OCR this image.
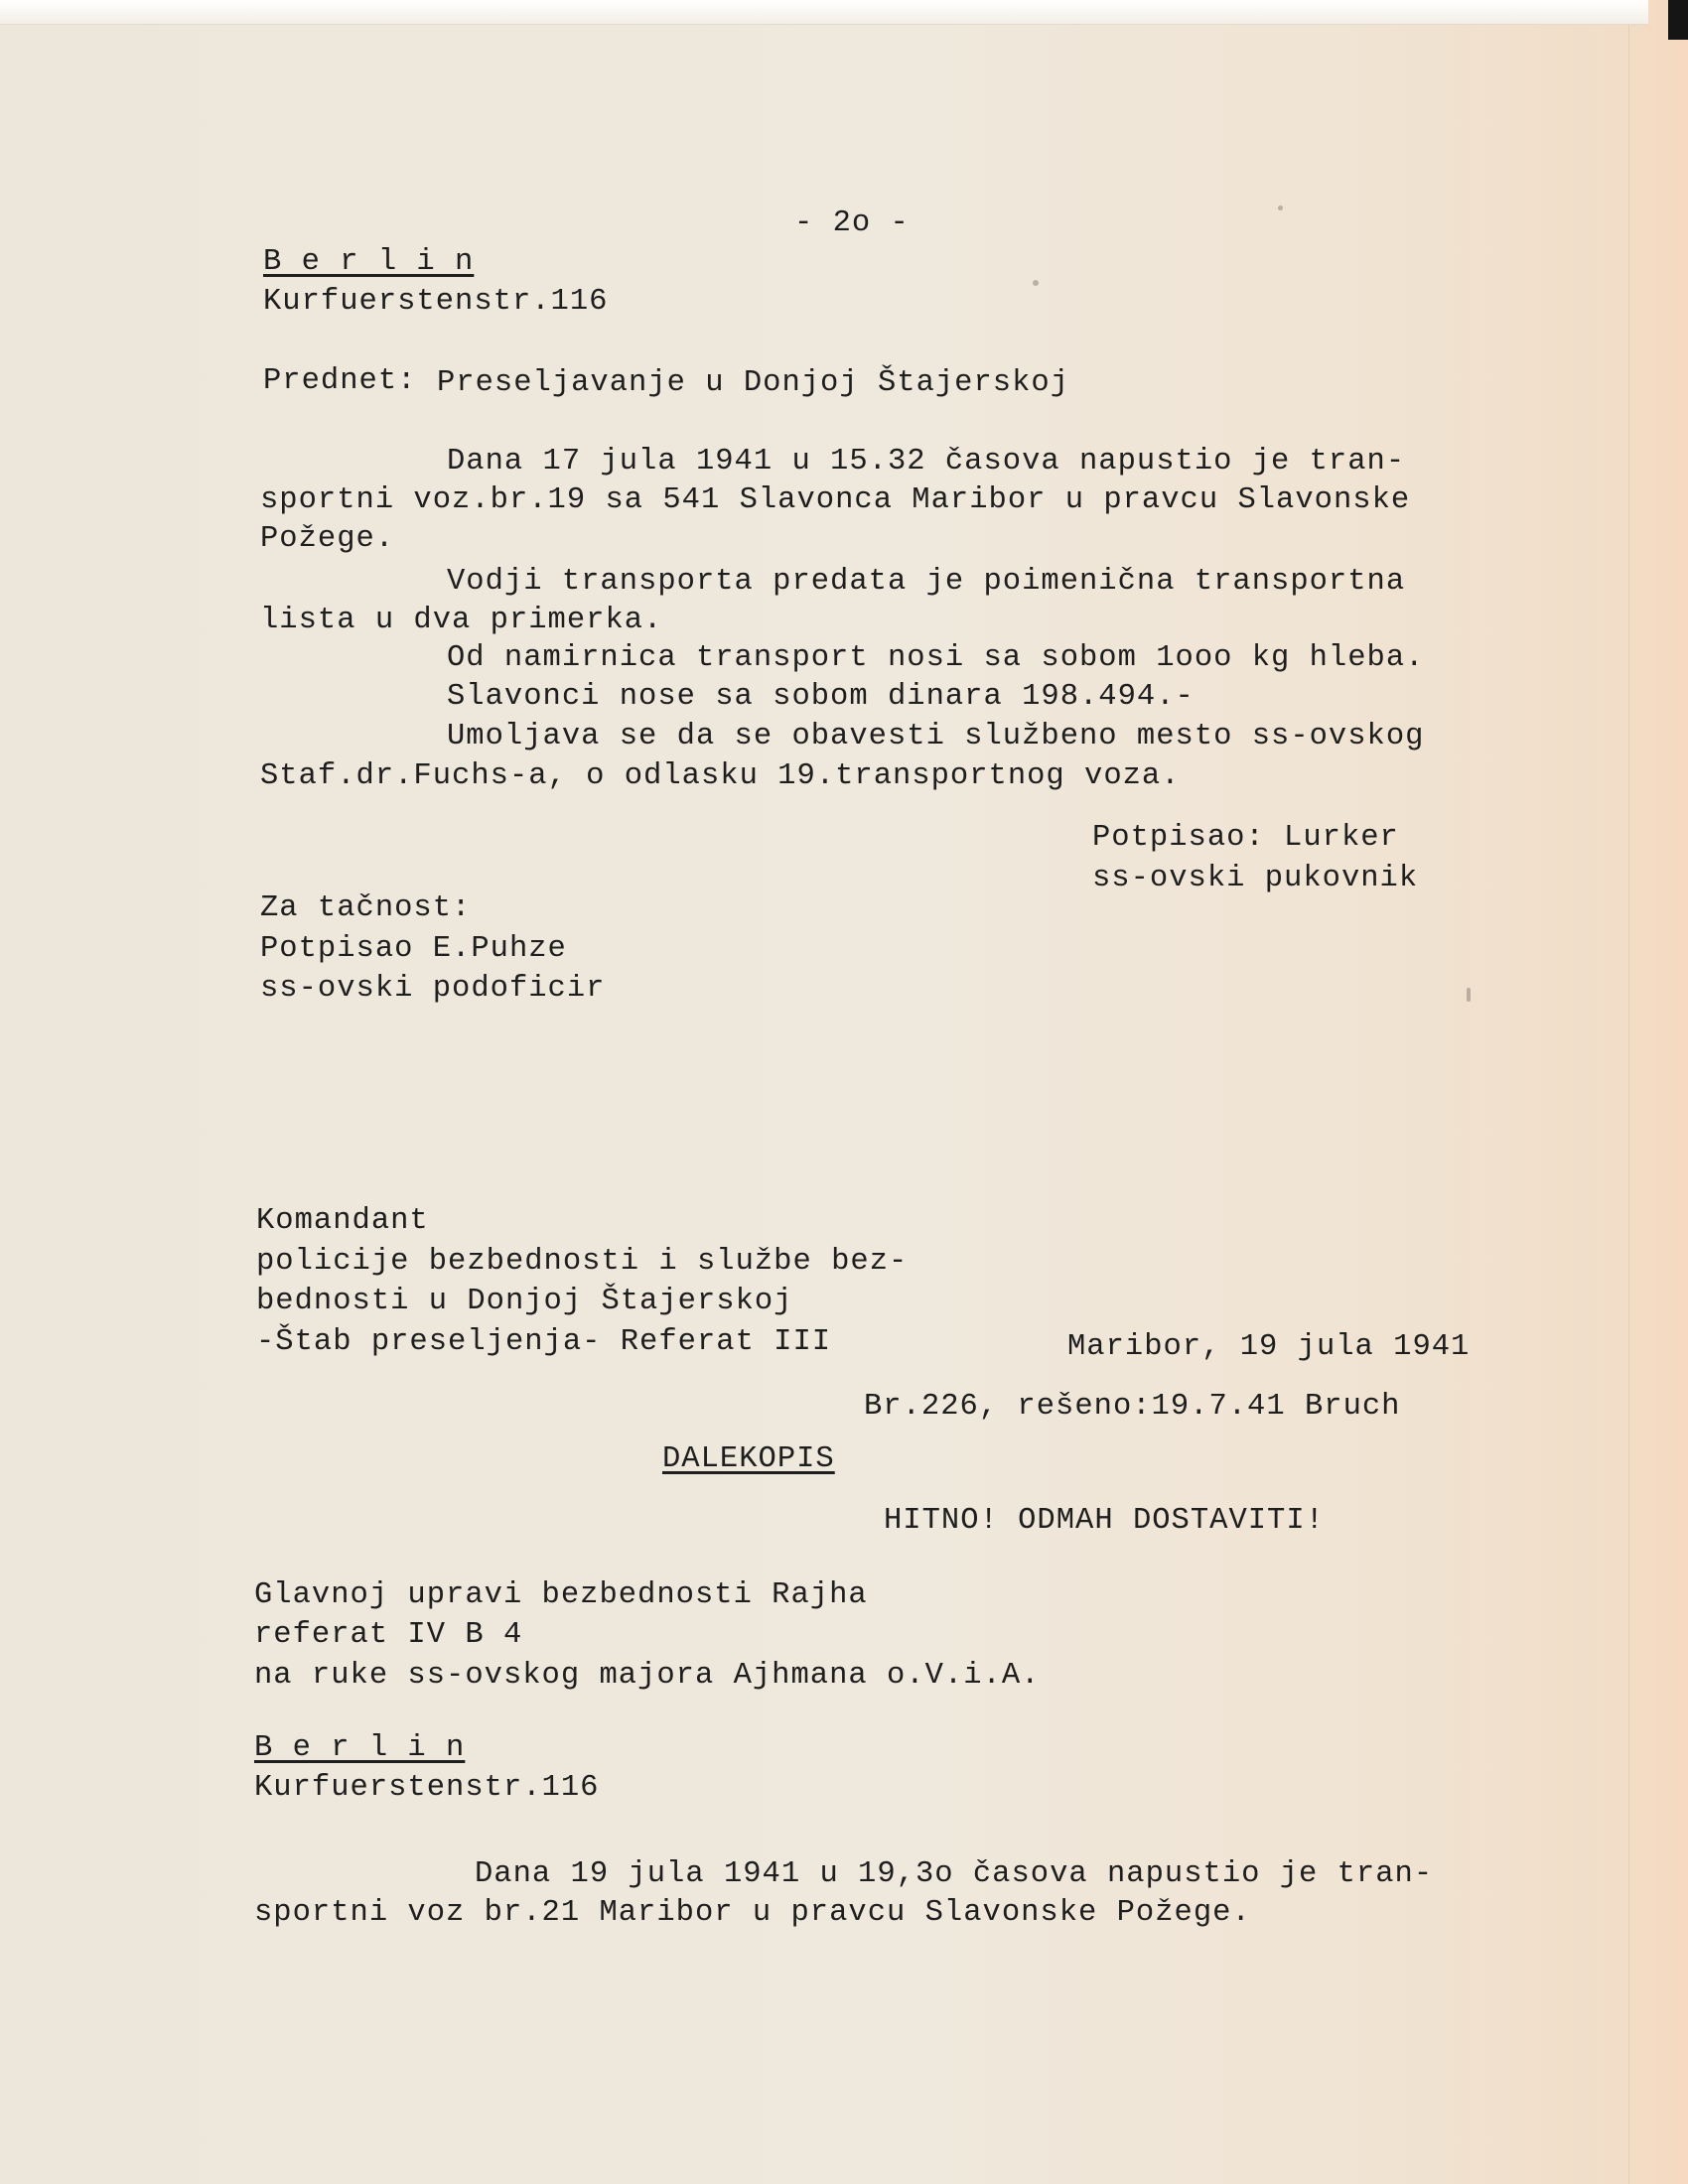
- 2o -
B e r l i n
Kurfuerstenstr.116
Prednet: Preseljavanje u Donjoj Štajerskoj
Dana 17 jula 1941 u 15.32 časova napustio je tran-
sportni voz.br.19 sa 541 Slavonca Maribor u pravcu Slavonske
Požege.
Vodji transporta predata je poimenična transportna
lista u dva primerka.
Od namirnica transport nosi sa sobom 1ooo kg hleba.
Slavonci nose sa sobom dinara 198.494.-
Umoljava se da se obavesti službeno mesto ss-ovskog
Staf.dr.Fuchs-a, o odlasku 19.transportnog voza.
Potpisao: Lurker
ss-ovski pukovnik
Za tačnost:
Potpisao E.Puhze
ss-ovski podoficir
Komandant
policije bezbednosti i službe bez-
bednosti u Donjoj Štajerskoj
-Štab preseljenja- Referat III	Maribor, 19 jula 1941
Br.226, rešeno:19.7.41 Bruch
DALEKOPIS
HITNO! ODMAH DOSTAVITI!
Glavnoj upravi bezbednosti Rajha
referat IV B 4
na ruke ss-ovskog majora Ajhmana o.V.i.A.
B e r l i n
Kurfuerstenstr.116
Dana 19 jula 1941 u 19,3o časova napustio je tran-
sportni voz br.21 Maribor u pravcu Slavonske Požege.
